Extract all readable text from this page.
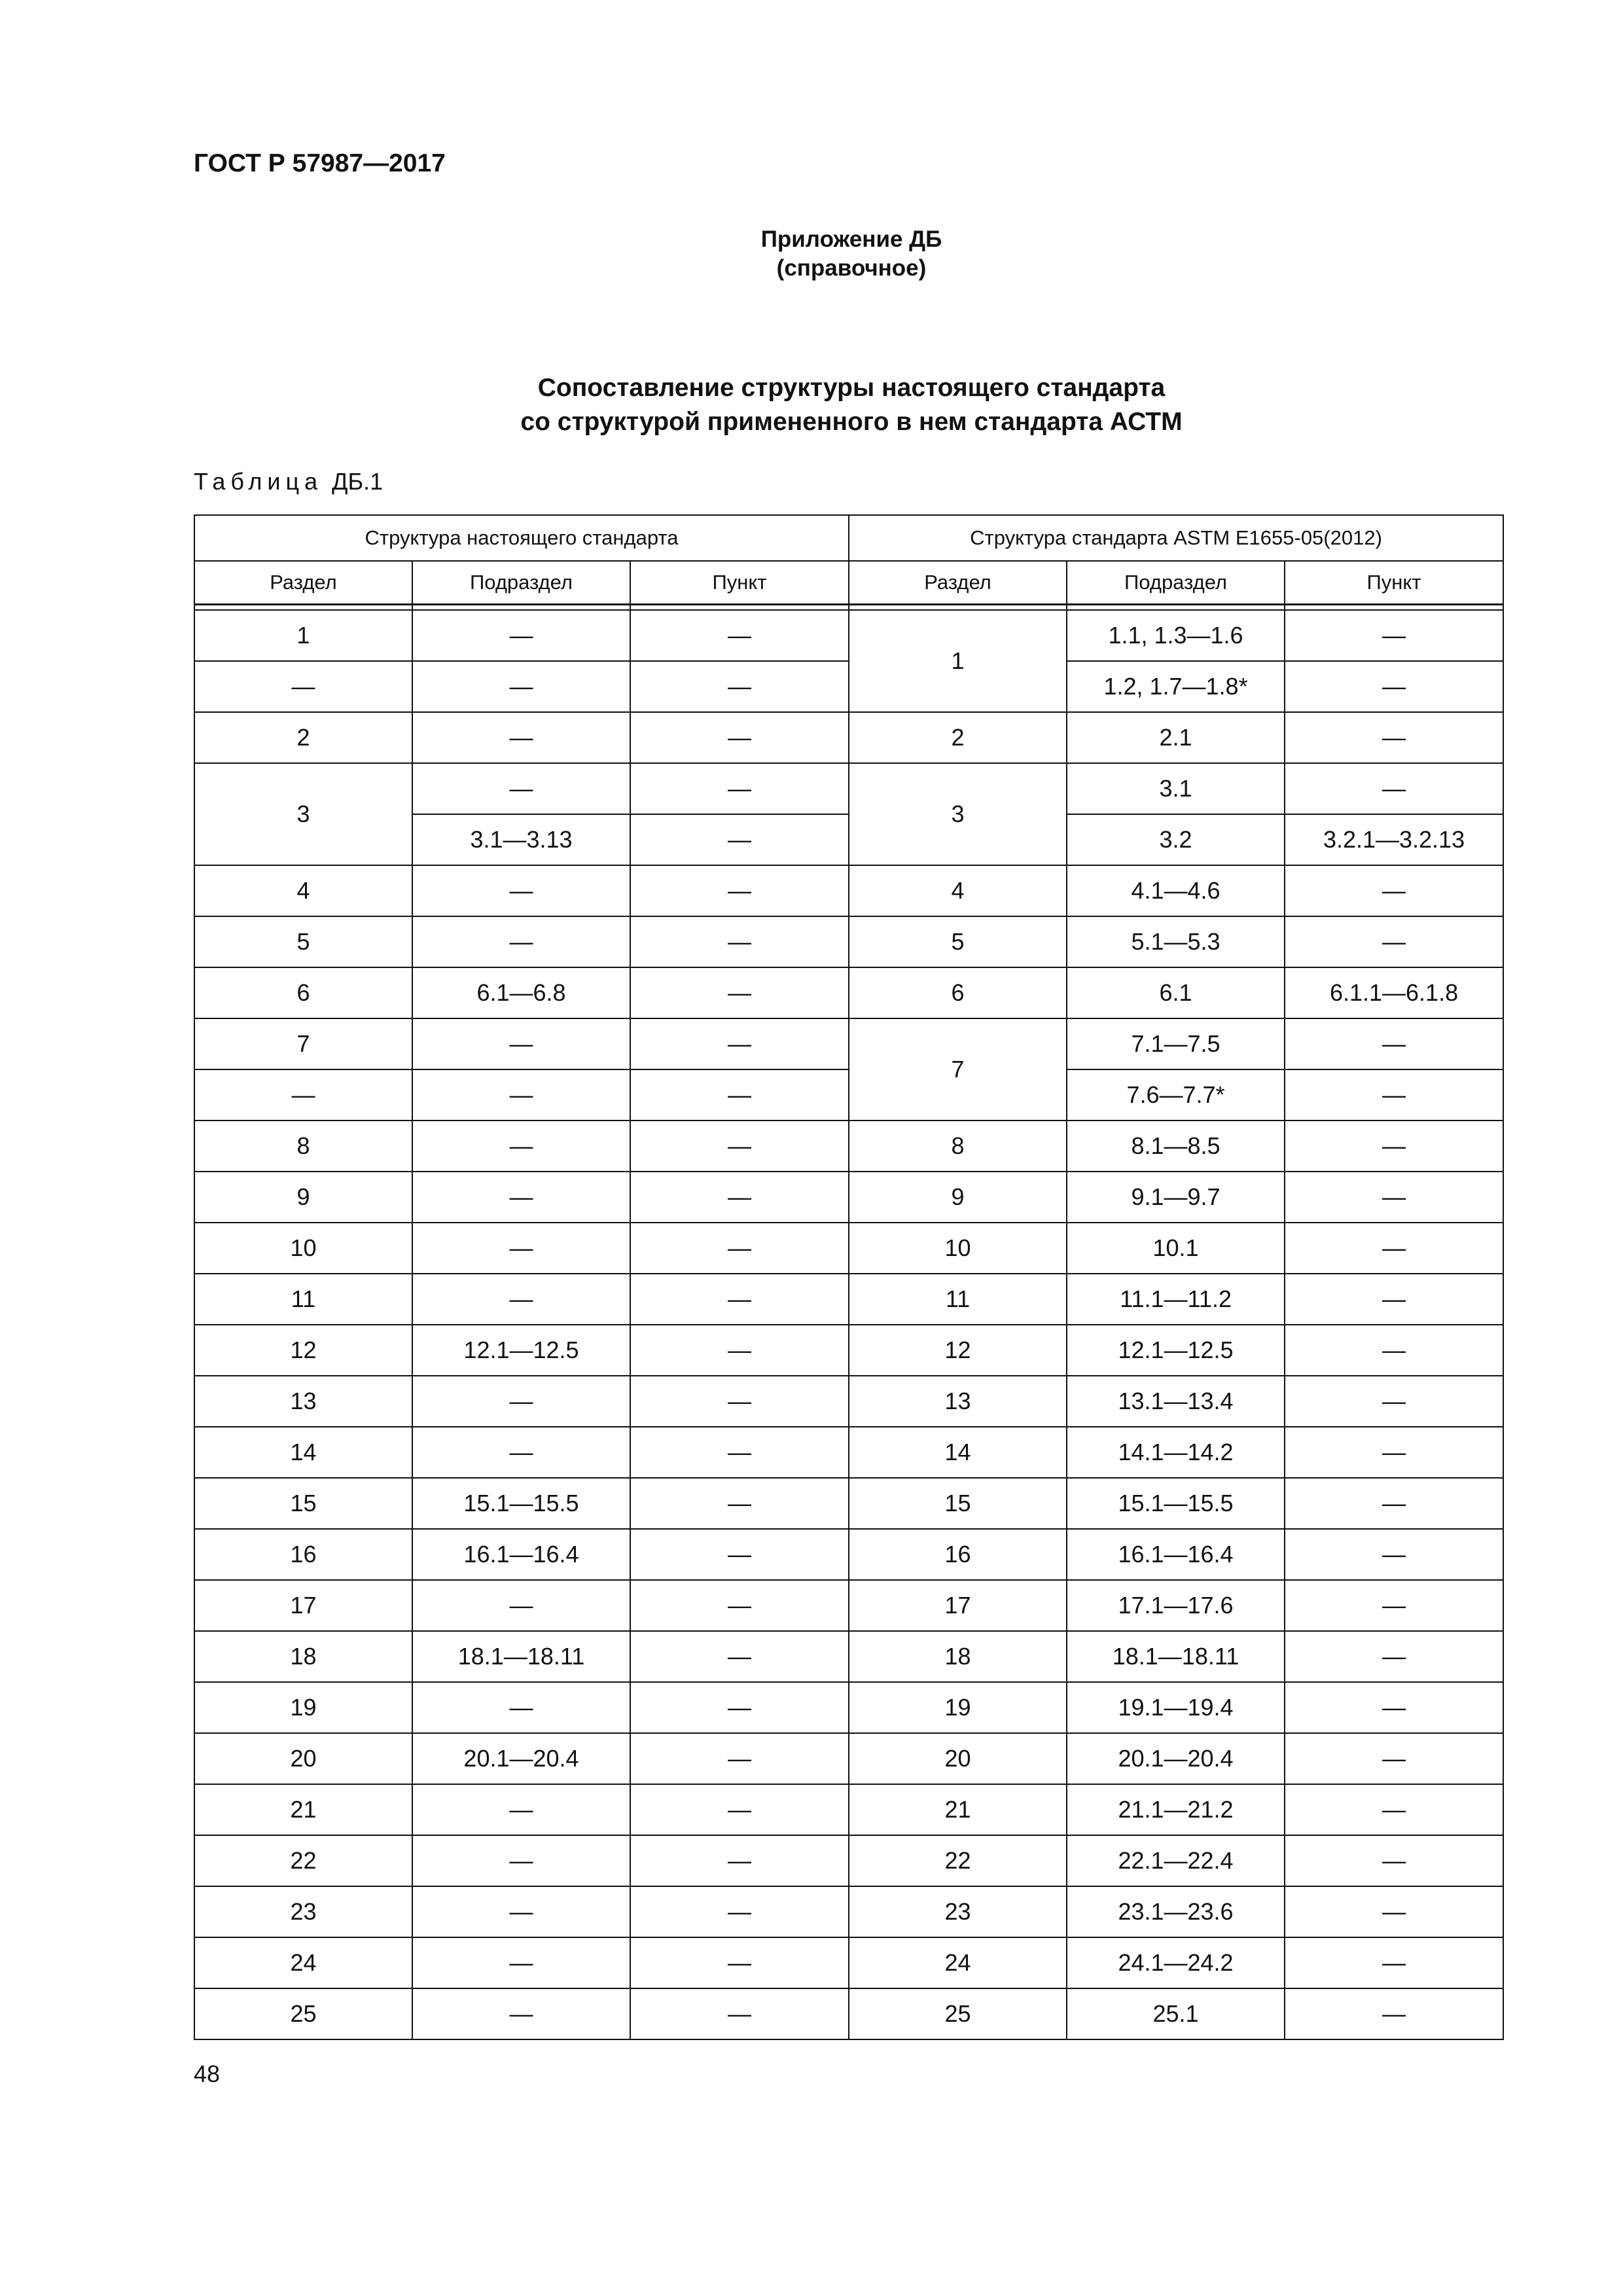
ГОСТ Р 57987—2017
Приложение ДБ
(справочное)
Сопоставление структуры настоящего стандарта
со структурой примененного в нем стандарта АСТМ
Таблица ДБ.1
Структура настоящего стандарта			Структура стандарта ASTM E1655-05(2012)		
Раздел	Подраздел	Пункт	Раздел	Подраздел	Пункт

1	—	—	1	1.1, 1.3—1.6	—
—	—	—		1.2, 1.7—1.8*	—
2	—	—	2	2.1	—
3	—	—	3	3.1	—
	3.1—3.13	—		3.2	3.2.1—3.2.13
4	—	—	4	4.1—4.6	—
5	—	—	5	5.1—5.3	—
6	6.1—6.8	—	6	6.1	6.1.1—6.1.8
7	—	—	7	7.1—7.5	—
—	—	—		7.6—7.7*	—
8	—	—	8	8.1—8.5	—
9	—	—	9	9.1—9.7	—
10	—	—	10	10.1	—
11	—	—	11	11.1—11.2	—
12	12.1—12.5	—	12	12.1—12.5	—
13	—	—	13	13.1—13.4	—
14	—	—	14	14.1—14.2	—
15	15.1—15.5	—	15	15.1—15.5	—
16	16.1—16.4	—	16	16.1—16.4	—
17	—	—	17	17.1—17.6	—
18	18.1—18.11	—	18	18.1—18.11	—
19	—	—	19	19.1—19.4	—
20	20.1—20.4	—	20	20.1—20.4	—
21	—	—	21	21.1—21.2	—
22	—	—	22	22.1—22.4	—
23	—	—	23	23.1—23.6	—
24	—	—	24	24.1—24.2	—
25	—	—	25	25.1	—
48
